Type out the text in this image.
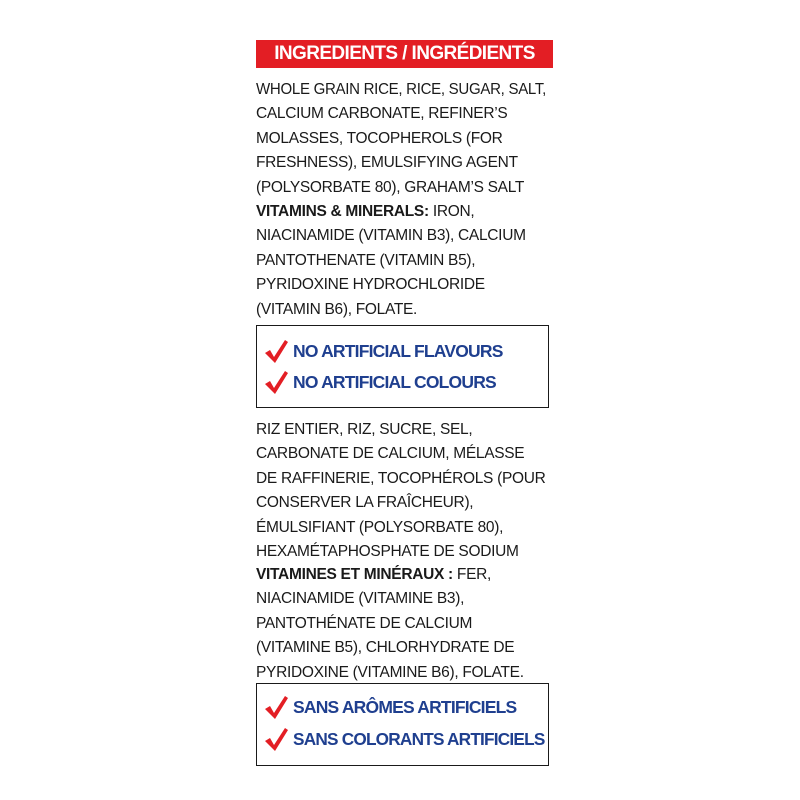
INGREDIENTS / INGRÉDIENTS
WHOLE GRAIN RICE, RICE, SUGAR, SALT,
CALCIUM CARBONATE, REFINER’S
MOLASSES, TOCOPHEROLS (FOR
FRESHNESS), EMULSIFYING AGENT
(POLYSORBATE 80), GRAHAM’S SALT
VITAMINS & MINERALS: IRON,
NIACINAMIDE (VITAMIN B3), CALCIUM
PANTOTHENATE (VITAMIN B5),
PYRIDOXINE HYDROCHLORIDE
(VITAMIN B6), FOLATE.
NO ARTIFICIAL FLAVOURS
NO ARTIFICIAL COLOURS
RIZ ENTIER, RIZ, SUCRE, SEL,
CARBONATE DE CALCIUM, MÉLASSE
DE RAFFINERIE, TOCOPHÉROLS (POUR
CONSERVER LA FRAÎCHEUR),
ÉMULSIFIANT (POLYSORBATE 80),
HEXAMÉTAPHOSPHATE DE SODIUM
VITAMINES ET MINÉRAUX : FER,
NIACINAMIDE (VITAMINE B3),
PANTOTHÉNATE DE CALCIUM
(VITAMINE B5), CHLORHYDRATE DE
PYRIDOXINE (VITAMINE B6), FOLATE.
SANS ARÔMES ARTIFICIELS
SANS COLORANTS ARTIFICIELS
